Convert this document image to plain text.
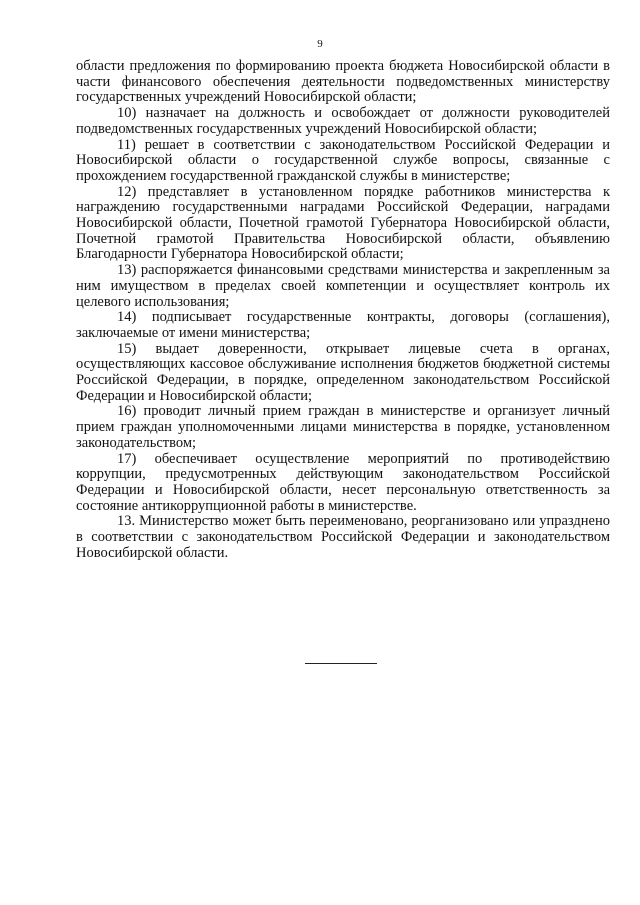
9

области предложения по формированию проекта бюджета Новосибирской области в части финансового обеспечения деятельности подведомственных министерству государственных учреждений Новосибирской области;

10) назначает на должность и освобождает от должности руководителей подведомственных государственных учреждений Новосибирской области;

11) решает в соответствии с законодательством Российской Федерации и Новосибирской области о государственной службе вопросы, связанные с прохождением государственной гражданской службы в министерстве;

12) представляет в установленном порядке работников министерства к награждению государственными наградами Российской Федерации, наградами Новосибирской области, Почетной грамотой Губернатора Новосибирской области, Почетной грамотой Правительства Новосибирской области, объявлению Благодарности Губернатора Новосибирской области;

13) распоряжается финансовыми средствами министерства и закрепленным за ним имуществом в пределах своей компетенции и осуществляет контроль их целевого использования;

14) подписывает государственные контракты, договоры (соглашения), заключаемые от имени министерства;

15) выдает доверенности, открывает лицевые счета в органах, осуществляющих кассовое обслуживание исполнения бюджетов бюджетной системы Российской Федерации, в порядке, определенном законодательством Российской Федерации и Новосибирской области;

16) проводит личный прием граждан в министерстве и организует личный прием граждан уполномоченными лицами министерства в порядке, установленном законодательством;

17) обеспечивает осуществление мероприятий по противодействию коррупции, предусмотренных действующим законодательством Российской Федерации и Новосибирской области, несет персональную ответственность за состояние антикоррупционной работы в министерстве.

13. Министерство может быть переименовано, реорганизовано или упразднено в соответствии с законодательством Российской Федерации и законодательством Новосибирской области.
